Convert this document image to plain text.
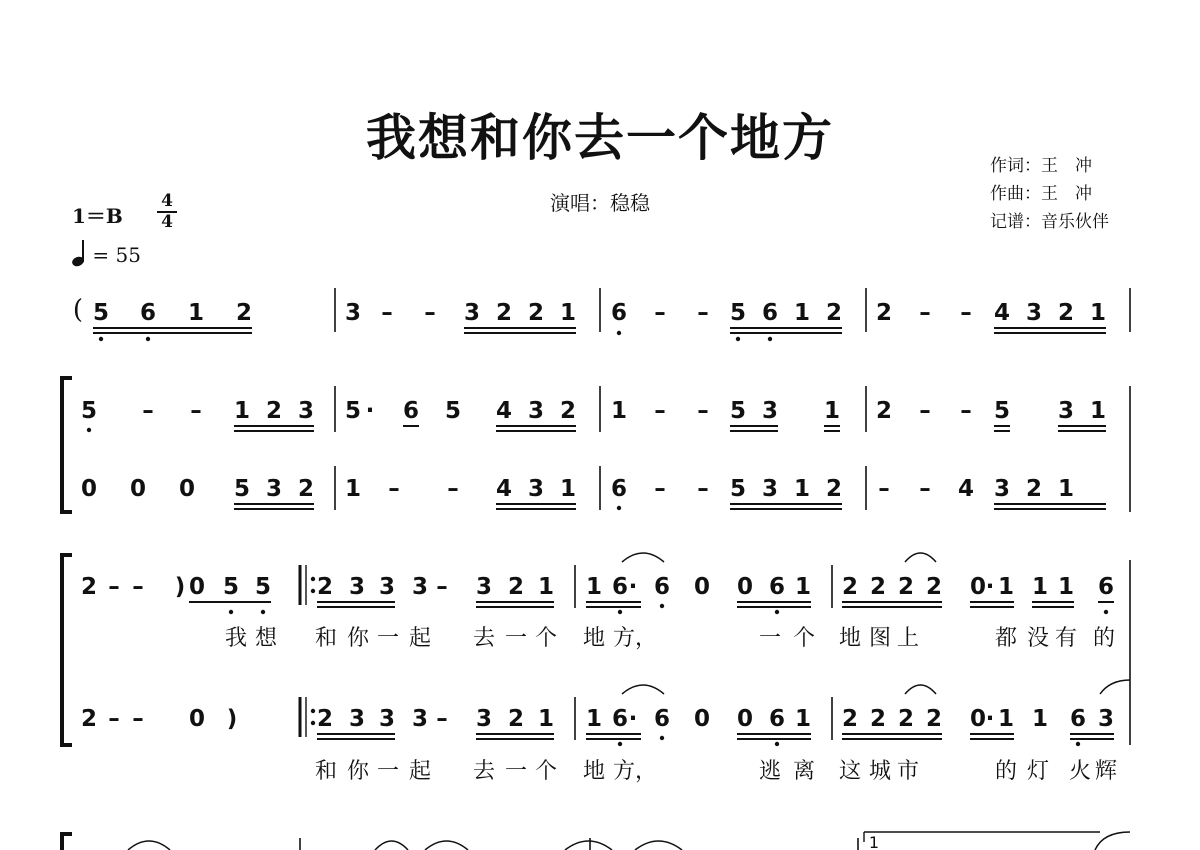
我想和你去一个地方
演唱：稳稳
作词：王　冲
作曲：王　冲
记谱：音乐伙伴
1＝B
4
4
= 55
( 5 6 1 2	3 – – 3 2 2 1 6 – – 5 6 1 2 2 – – 4 3 2 1
5 – – 1 2 3 5 · 6 5 4 3 2 1 – – 5 3 1 2 – – 5 3 1
0 0 0 5 3 2 1 – – 4 3 1 6 – – 5 3 1 2 – – 4 3 2 1
2 – – ) 0 5 5 2 3 3 3 – 3 2 1 1 6 · 6 0 0 6 1 2 2 2 2 0 · 1 1 1 6
我 想 和 你 一 起 去 一 个 地 方 ，	一 个 地 图 上	都 没 有 的
2 – – 0 )	2 3 3 3 – 3 2 1 1 6 · 6 0 0 6 1 2 2 2 2 0 · 1 1 6 3
和 你 一 起 去 一 个 地 方 ，	逃 离 这 城 市	的 灯 火 辉
1
